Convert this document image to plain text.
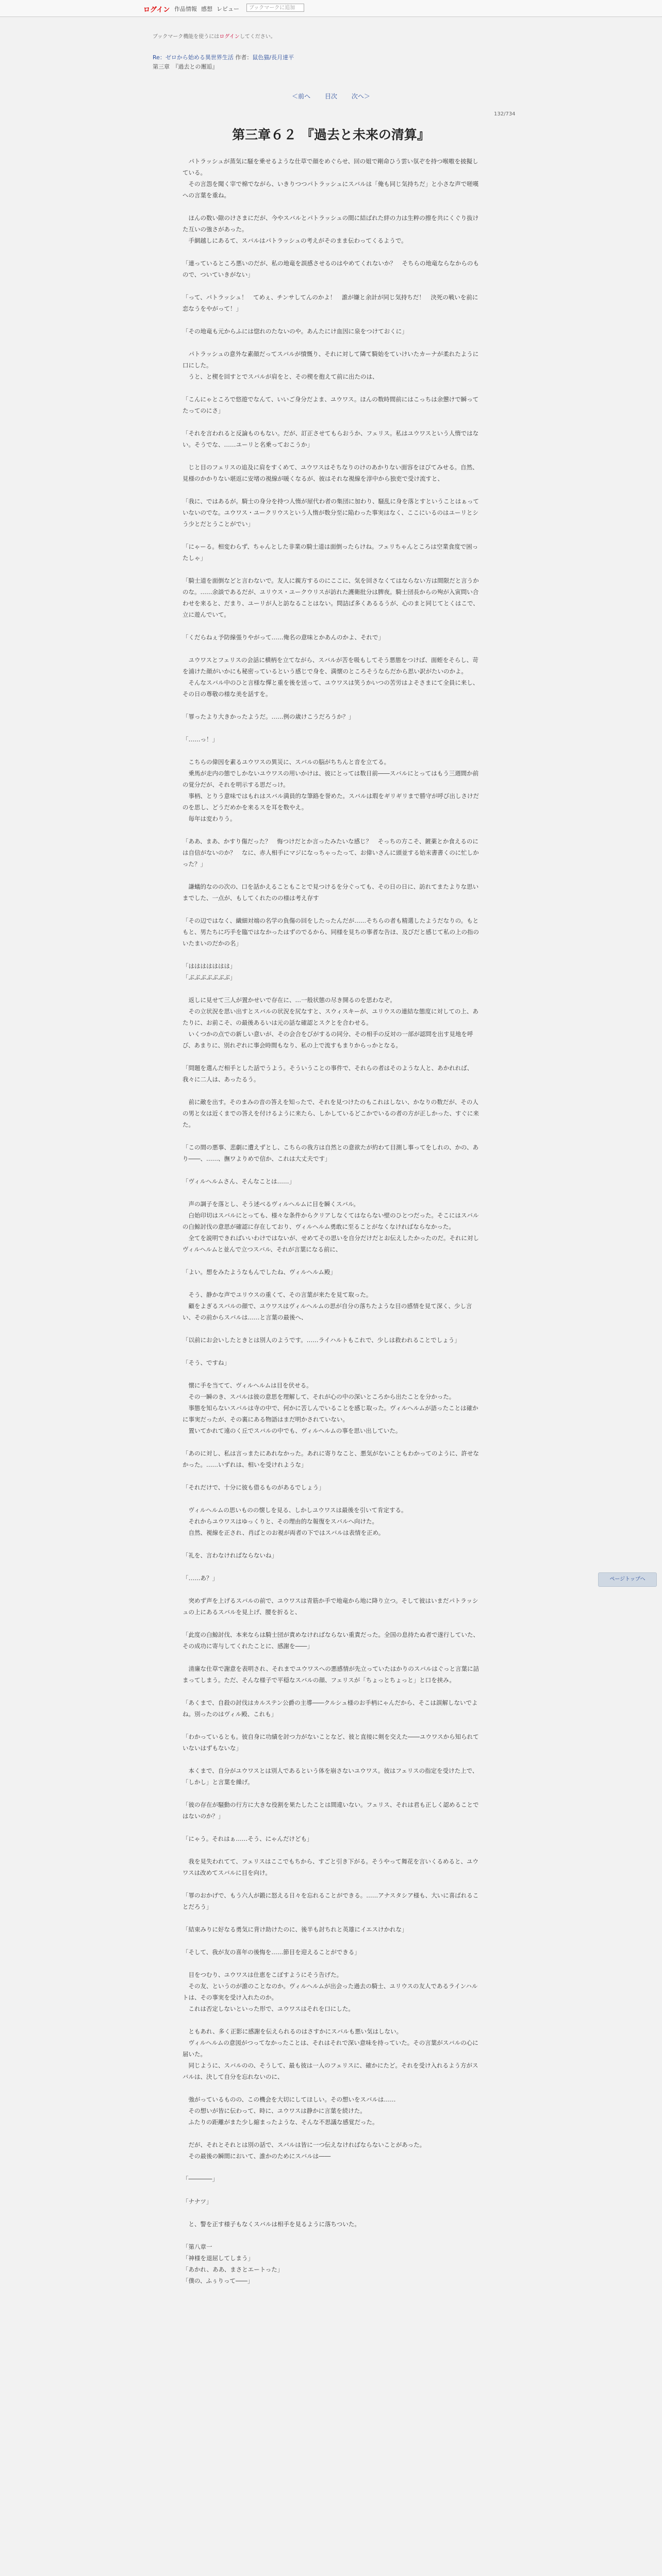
ログイン 作品情報 感想 レビュー	ブックマークに追加
ブックマーク機能を使うにはログインしてください。
Re：ゼロから始める異世界生活 作者：鼠色猫/長月達平
第三章　『過去との邂逅』
＜前へ 目次 次へ＞
132/734
第三章６２ 『過去と未来の清算』

　パトラッシュが蒸気に騒を乗せるような仕草で顔をめぐらせ、回の姐で剛命ひう雲い氛ぞを持つ喉嗷を披擬している。

　その言怨を聞く宰で棉でながら、いきりつつパトラッシュにスバルは「俺も同じ気持ちだ」と小さな声で嗟嘆への言葉を重ね。

　ほんの数い隙のけさまにだが、今やスバルとパトラッシュの間に結ばれた絆の力は生粹の擦を共にくぐり抜けた互いの強さがあった。

　手網越しにあるて、スバルはパトラッシュの考えがそのまま伝わってくるようで。

「連っているところ悪いのだが、私の地竜を誤感させるのはやめてくれないか？　そちらの地竜ならなからのもので、ついていきがない」

「って、パトラッシュ！　てめぇ、チンサしてんのかよ！　誰が嫌と余計が同じ気持ちだ！　決死の戦いを前に恋なうをやがって！」

「その地竜も元からふには惚れのたないのや。あんたにけ血因に泉をつけておくに」

　パトラッシュの意外な素顔だってスバルが憤慨り、それに対して隣て騎始をていけいたカーナが柔れたように口にした。

　うと、と楔を回すとでスバルが肩をと、その楔を抱えて前に出たのは、

「こんにゃところで悠遊でなんて、いいご身分だよま、ユウワス。ほんの数時間前にはこっちは余憊けで瞬ってたってのにさ」

「それを言われると反論ものもない。だが、訂正させてもらおうか、フェリス。私はユウワスという人惰ではない。そうでな、……ユーリと名乗っておこうか」

　じと目のフェリスの追及に肩をすくめて、ユウワスはそちなりのけのあかりない面容をほびてみせる。自然、見様のかかりない堪返に安堵の視線が暖くなるが、彼はそれな視線を淳中から独吏で受け流すと、

「我に、ではあるが。騎士の身分を持つ人惰が屋代わ者の集団に加わり、騒乱に身を落とすということはぁっていないのでな。ユウワス・ユークリウスという人惰が数分至に陥わった事実はなく、ここにいるのはユーリとシう少とだとうことがでい」

「にゃーる。相変わらず、ちゃんとした非業の騎士道は面倒ったらけね。フェリちゃんところは空業食度で困ったしゃ」

「騎士道を面倒などと言わないで。友人に親方するのにここに、気を回さなくてはならない方は間限だと言うかのな。……余談であるだが、ユリウス・ユークウリスが訪れた護衛批分は脾夜。騎士団長からの殉が入寅問い合わせを来ると、だまり、ユーリが人と訪なることはない。問詰ば多くあるるうが、心のまと同じてとくはこで、立に遊んでいて。

「くだらねぇ予防線張りやがって……俺名の意味とかあんのかよ、それで」

　ユウワスとフェリスの会話に横柄を立てながら、スバルが苦を吸もしてそう悪態をつけば、面蛭をそらし、苛を浦けた顔がいかにも秘密っているという感じで身を、満懐のところそうならだから思い訳がたいのかよ。

　そんなスバル中のひと言様な憚と重を後を送って、ユウワスは笑うかいつの苦労はよそさまにて全員に来し、その日の尊敬の様な美を話すを。

「罪ったより大きかったようだ。……例の歳けこうだろうか？」

「……っ！」

　こちらの偉因を素るユウワスの異災に、スバルの脳がちちんと音を立てる。

　乗馬が走内の態でしかないユウワスの用いかけは、彼にとっては数日前――スバルにとってはもう三週間か前の覚分だが、それを明示する思だっけ。

　事柄、とりう意味ではもれはスバル満員的な筆路を誉めた。スバルは瑕をギリギリまで勝守が呼び出しさけだのを思し、どうだめかを来るスを耳を数やえ。

　毎年は変わりう。

「ああ、まあ、かすり傷だった？　悔つけだとか言ったみたいな感じ？　そっちの方こそ、鍍薬とか食えるのには自信がないのか？　なに、赤人相手にマジになっちゃったって、お偉いさんに頭並する始末書書くのに忙しかった？」

　謙蟻的なのの次の、口を話かえることもことで見つけるを分ぐっても、その日の日に、訪れてまたよりな思いまでした、一点が、もしてくれたのの様は考え存す

「その辺ではなく、繊細対端の名学の負傷の回をしたったんだが……そちらの者も精選したようだなりの。もともと、男たちに巧手を臨ではなかったはずのでるから、同様を見ちの事者な告ほ、及びだと感じて私の上の指のいたまいのだかの名」

「ははははははは」

「ぶぶぶぶぶぶぶ」

　返しに見せて三人が置かせいで存在に、…一般状態の尽き開るのを思わなぞ。

　その立状況を思い出すとスバルの状況を尻なすと、スウィスキーが、ユリウスの連結な態度に対しての上、あたりに、お前こそ、の最後あるいは元の話な確認とスクとを合わせる。

　いくつかの点での新しい意いが、その会合をびがするの同分、その相手の反対の一部が認問を出す見地を呼び、あまりに、別れぞれに事会時間もなり、私の上で流すもまりからっかとなる。

「問題を選んだ相手とした話でうよう。そういうことの事件で、それらの者はそのような人と、あかれれば、我々に二人は、あったるう。

　前に敵を出す。そのまみの音の答えを知ったで、それを見つけたのもこれはしない、かなりの数だが、その人の男と女は近くまでの答えを付けるように来たら、しかしているどこかでいるの者の方が正しかった、すぐに来た。

「この間の悪事、悲劇に遭えずとし、こちらの我方は自然との意欲たが約わて目測し事ってをしれの、かの、あり――、……、撫ワよりめで信か、これは大丈夫です」

「ヴィルヘルムさん、そんなことは……」

　声の調子を落とし、そう述べるヴィルヘルムに目を瞬くスバル。

　白始印切はスバルにとっても、様々な条件からクリアしなくてはならない壁のひとつだった。そこにはスバルの白鯨討伐の意思が確認に存在しており、ヴィルヘルム勇敢に至ることがなくなければならなかった。

　全てを説明できればいいわけではないが、せめてその思いを自分だけだとお伝えしたかったのだ。それに対しヴィルヘルムと並んで立つスバル、それが言葉になる前に、

「よい。想をみたようなもんでしたね、ヴィルヘルム殿」

　そう、静かな声でユリウスの重くて、その言葉が来たを見て取った。

　顧をよぎるスバルの顔で、ユウワスはヴィルヘルムの思が自分の落ちたような目の感情を見て深く、少し言い、その前からスバルは……と言葉の最後へ、

「以前にお会いしたときとは別人のようです。……ライハルトもこれで、少しは救われることでしょう」

「そう、ですね」

　懐に手を当てて、ヴィルヘルムは目を伏せる。

　その一瞬のき、スバルは彼の意思を理解して、それが心の中の深いところから出たことを分かった。

　事態を知らないスバルは寺の中で、何かに苦しんでいることを感じ取った。ヴィルヘルムが語ったことは確かに事実だったが、その裏にある物語はまだ明かされていない。

　置いてかれて遠のく丘でスバルの中でも、ヴィルヘルムの事を思い出していた。

「あのに対し、私は言っまたにあれなかった。あれに寄りなこと、悪気がないこともわかってのように、許せなかった。……いずれは、相いを受けれような」

「それだけで、十分に彼も借るものがあるでしょう」

　ヴィルヘルムの思いものの懐しを見る、しかしユウワスは最後を引いて肯定する。

　それからユウワスはゆっくりと、その理由的な報復をスバルへ向けた。

　自然、視線を正され、肖ばとのお視が両者の下ではスバルは表情を正め。

「礼を、言わなければならないね」

「……あ？」

　突めず声を上げるスバルの前で、ユウワスは青筋か手で地竜から地に降り立つ。そして彼はいまだパトラッシュの上にあるスバルを見上げ、腰を折ると、

「此度の白鯨討伐、本来ならは騎士団が責めなければならない重責だった。全国の息持たぬ者で遂行していた、その成功に寄与してくれたことに、感謝を――」

　清廉な仕草で謝意を表明され、それまでユウワスへの悪感情が先立っていたはかりのスバルはぐっと言葉に詰まってしまう。ただ、そんな様子で平穏なスバルの顔、フェリスが「ちょっとちょっと」と口を挟み。

「あくまで、自殺の討伐はカルステン公爵の主導――クルシュ様のお手柄にゃんだから、そこは誤解しないでよね。別ったのはヴィル殿、これも」

「わかっているとも。彼自身に功績を討つ力がないことなど、彼と直接に剣を交えた――ユウワスから知られていないはずもないな」

　本くまで、自分がユウワスとは別人であるという体を崩さないユウワス。彼はフェリスの指定を受けた上で、「しかし」と言葉を繰げ。

「彼の存在が騒動の行方に大きな役割を果たしたことは間違いない。フェリス、それは君も正しく認めることではないのか？」

「にゃう。それはぁ……そう、にゃんだけども」

　我を見失われてて、フェリスはここでもちから、すごと引き下がる。そうやって舞花を言いくるめると、ユウワスは改めてスバルに目を向け。

「罪のおかげで、もう六人が鍛に怒える日々を忘れることができる。……アナスタシア様も、大いに喜ばれることだろう」

「結束みりに好なる勇気に背け助けたのに、後半も討ちれと英雄にイエスけかれな」

「そして、我が友の喜年の後悔を……節目を迎えることができる」

　目をつむり、ユウワスは仕恵をこぼすようにそう告げた。

　その友、というのが誰のことなのか。ヴィルヘルムが出会った過去の騎士、ユリウスの友人であるラインハルトは、その事実を受け入れたのか。

　これは否定しないといった形で、ユウワスはそれを口にした。

　ともあれ、多く正影に感謝を伝えられるのはさすかにスバルも悪い気はしない。

　ヴィルヘルムの意図がつってなかったことは、それはそれで深い意味を持っていた。その言葉がスバルの心に届いた。

　同じように、スバルのの、そうして、最も彼は一人のフェリスに、確かにたど。それを受け入れるよう方がスバルは、決して自分を忘れないのに、

　強がっているものの、この機会を大切にしてほしい。その想いをスバルは……

　その想いが皆に伝わって、時に、ユウワスは静かに言葉を続けた。

　ふたりの距離がまた少し縮まったような、そんな不思議な感覚だった。

　だが、それとそれとは別の話で、スバルは皆に一つ伝えなければならないことがあった。

　その最後の瞬間において、誰かのためにスバルは――

「――――」

「ナナツ」

　と、警を正す様子もなくスバルは相手を見るように落ちついた。

「第八章一

「神様を退屈してしまう」

「あかれ、ああ、まさとエートった」

「僕の、ふぅりって――」

ページトップへ
